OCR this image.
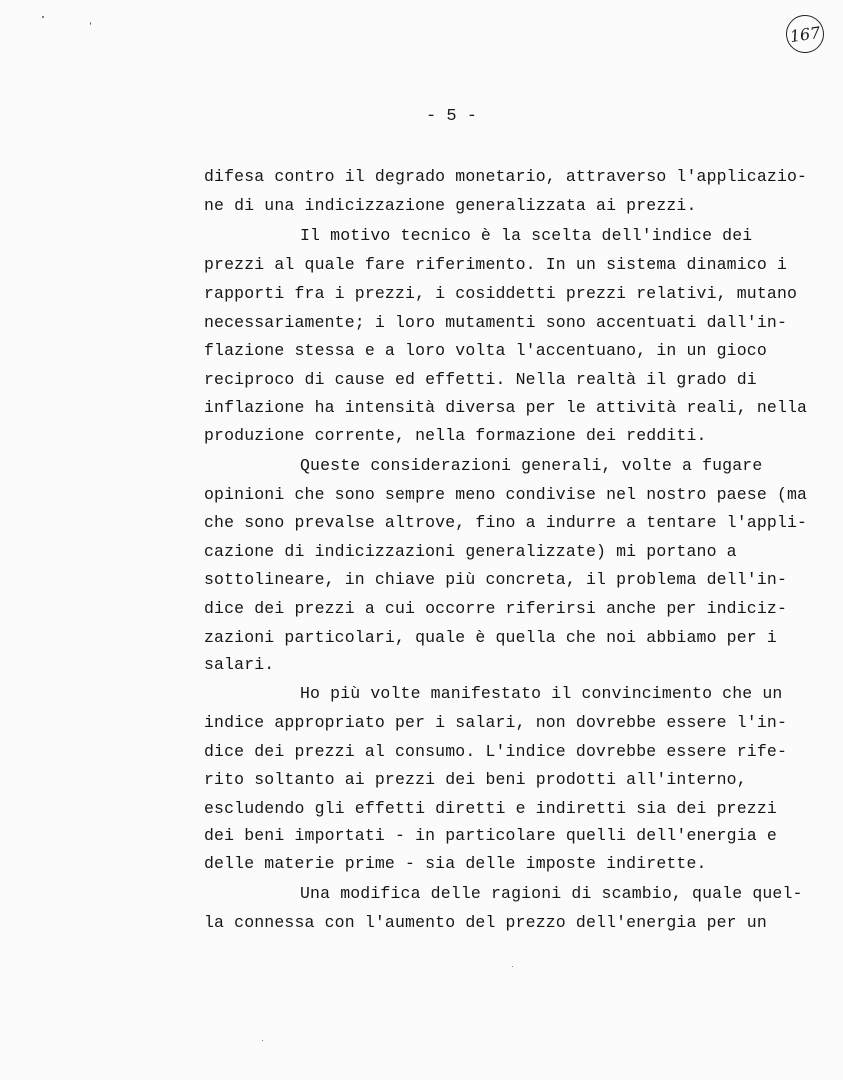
167
- 5 -
difesa contro il degrado monetario, attraverso l'applicazio-
ne di una indicizzazione generalizzata ai prezzi.
Il motivo tecnico è la scelta dell'indice dei
prezzi al quale fare riferimento. In un sistema dinamico i
rapporti fra i prezzi, i cosiddetti prezzi relativi, mutano
necessariamente; i loro mutamenti sono accentuati dall'in-
flazione stessa e a loro volta l'accentuano, in un gioco
reciproco di cause ed effetti. Nella realtà il grado di
inflazione ha intensità diversa per le attività reali, nella
produzione corrente, nella formazione dei redditi.
Queste considerazioni generali, volte a fugare
opinioni che sono sempre meno condivise nel nostro paese (ma
che sono prevalse altrove, fino a indurre a tentare l'appli-
cazione di indicizzazioni generalizzate) mi portano a
sottolineare, in chiave più concreta, il problema dell'in-
dice dei prezzi a cui occorre riferirsi anche per indiciz-
zazioni particolari, quale è quella che noi abbiamo per i
salari.
Ho più volte manifestato il convincimento che un
indice appropriato per i salari, non dovrebbe essere l'in-
dice dei prezzi al consumo. L'indice dovrebbe essere rife-
rito soltanto ai prezzi dei beni prodotti all'interno,
escludendo gli effetti diretti e indiretti sia dei prezzi
dei beni importati - in particolare quelli dell'energia e
delle materie prime - sia delle imposte indirette.
Una modifica delle ragioni di scambio, quale quel-
la connessa con l'aumento del prezzo dell'energia per un
